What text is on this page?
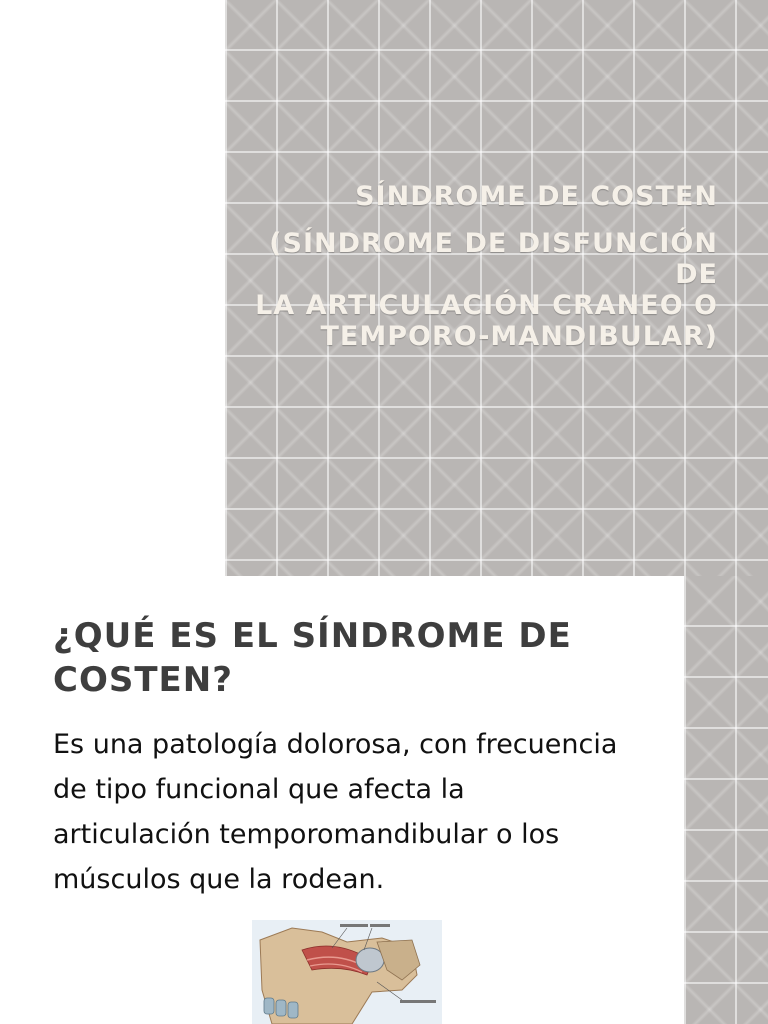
SÍNDROME DE COSTEN

(SÍNDROME DE DISFUNCIÓN DE
LA ARTICULACIÓN CRANEO O
TEMPORO-MANDIBULAR)

¿QUÉ ES EL SÍNDROME DE
COSTEN?

Es una patología dolorosa, con frecuencia
de tipo funcional que afecta la
articulación temporomandibular o los
músculos que la rodean.
